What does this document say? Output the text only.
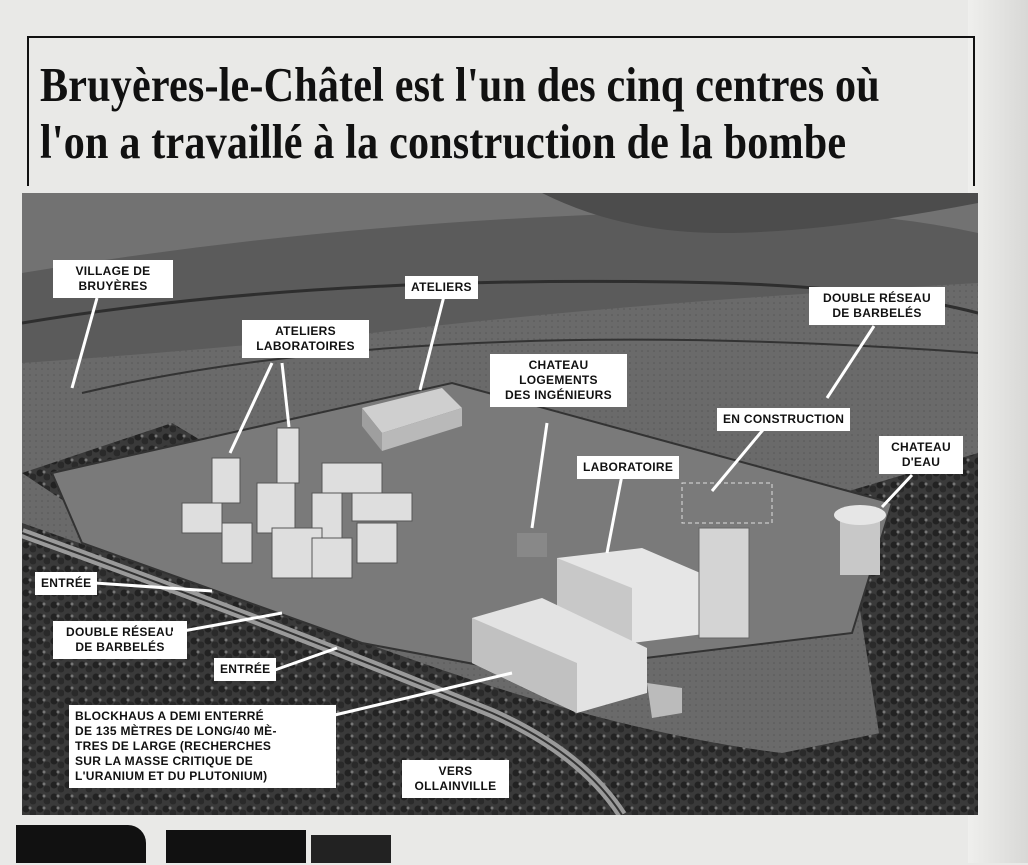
Bruyères-le-Châtel est l'un des cinq centres où
l'on a travaillé à la construction de la bombe
VILLAGE DE
BRUYÈRES	ATELIERS
ATELIERS
LABORATOIRES
CHATEAU
LOGEMENTS
DES INGÉNIEURS
DOUBLE RÉSEAU
DE BARBELÉS
EN CONSTRUCTION
LABORATOIRE
CHATEAU
D'EAU
ENTRÉE
DOUBLE RÉSEAU
DE BARBELÉS
ENTRÉE
BLOCKHAUS A DEMI ENTERRÉ
DE 135 MÈTRES DE LONG/40 MÈ-
TRES DE LARGE (RECHERCHES
SUR LA MASSE CRITIQUE DE
L'URANIUM ET DU PLUTONIUM)	VERS
OLLAINVILLE
